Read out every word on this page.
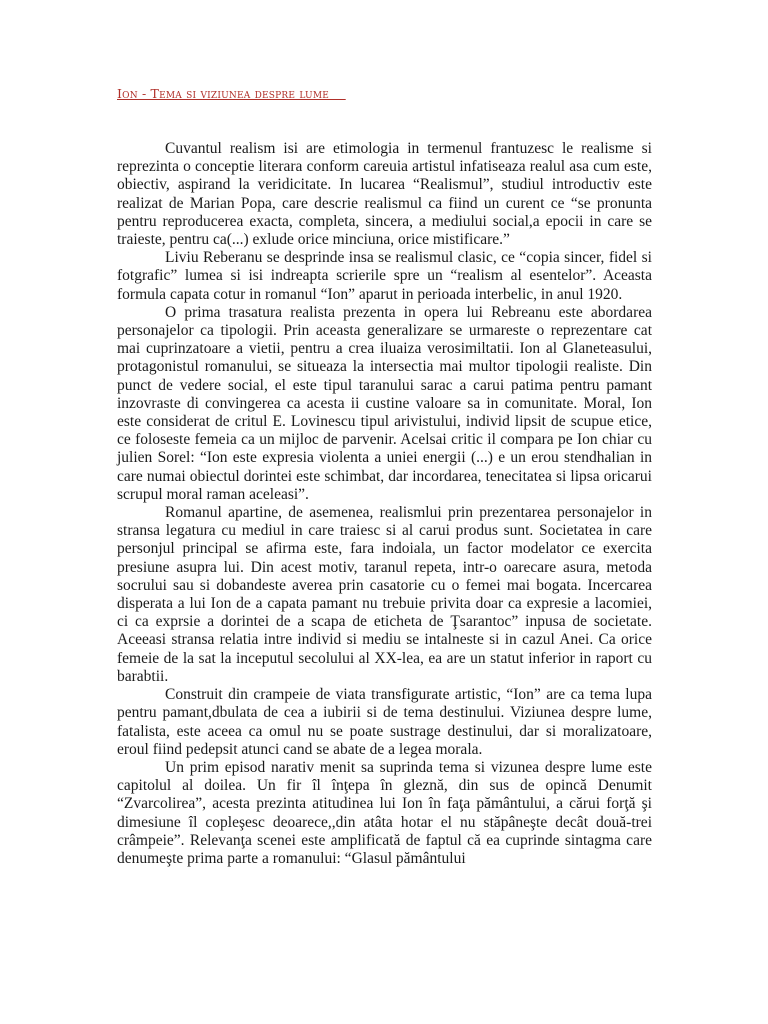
Ion - Tema si viziunea despre lume

Cuvantul realism isi are etimologia in termenul frantuzesc le realisme si reprezinta o conceptie literara conform careuia artistul infatiseaza realul asa cum este, obiectiv, aspirand la veridicitate. In lucarea “Realismul”, studiul introductiv este realizat de Marian Popa, care descrie realismul ca fiind un curent ce “se pronunta pentru reproducerea exacta, completa, sincera, a mediului social,a epocii in care se traieste, pentru ca(...) exlude orice minciuna, orice mistificare.”

Liviu Reberanu se desprinde insa se realismul clasic, ce “copia sincer, fidel si fotgrafic” lumea si isi indreapta scrierile spre un “realism al esentelor”. Aceasta formula capata cotur in romanul “Ion” aparut in perioada interbelic, in anul 1920.

O prima trasatura realista prezenta in opera lui Rebreanu este abordarea personajelor ca tipologii. Prin aceasta generalizare se urmareste o reprezentare cat mai cuprinzatoare a vietii, pentru a crea iluaiza verosimiltatii. Ion al Glaneteasului, protagonistul romanului, se situeaza la intersectia mai multor tipologii realiste. Din punct de vedere social, el este tipul taranului sarac a carui patima pentru pamant inzovraste di convingerea ca acesta ii custine valoare sa in comunitate. Moral, Ion este considerat de critul E. Lovinescu tipul arivistului, individ lipsit de scupue etice, ce foloseste femeia ca un mijloc de parvenir. Acelsai critic il compara pe Ion chiar cu julien Sorel: “Ion este expresia violenta a uniei energii (...) e un erou stendhalian in care numai obiectul dorintei este schimbat, dar incordarea, tenecitatea si lipsa oricarui scrupul moral raman aceleasi”.

Romanul apartine, de asemenea, realismlui prin prezentarea personajelor in stransa legatura cu mediul in care traiesc si al carui produs sunt. Societatea in care personjul principal se afirma este, fara indoiala, un factor modelator ce exercita presiune asupra lui. Din acest motiv, taranul repeta, intr-o oarecare asura, metoda socrului sau si dobandeste averea prin casatorie cu o femei mai bogata. Incercarea disperata a lui Ion de a capata pamant nu trebuie privita doar ca expresie a lacomiei, ci ca exprsie a dorintei de a scapa de eticheta de Ţsarantoc” inpusa de societate. Aceeasi stransa relatia intre individ si mediu se intalneste si in cazul Anei. Ca orice femeie de la sat la inceputul secolului al XX-lea, ea are un statut inferior in raport cu barabtii.

Construit din crampeie de viata transfigurate artistic, “Ion” are ca tema lupa pentru pamant,dbulata de cea a iubirii si de tema destinului. Viziunea despre lume, fatalista, este aceea ca omul nu se poate sustrage destinului, dar si moralizatoare, eroul fiind pedepsit atunci cand se abate de a legea morala.

Un prim episod narativ menit sa suprinda tema si vizunea despre lume este capitolul al doilea. Un fir îl înţepa în gleznă, din sus de opincă Denumit “Zvarcolirea”, acesta prezinta atitudinea lui Ion în faţa pământului, a cărui forţă şi dimesiune îl copleşesc deoarece,,din atâta hotar el nu stăpâneşte decât două-trei crâmpeie”. Relevanţa scenei este amplificată de faptul că ea cuprinde sintagma care denumeşte prima parte a romanului: “Glasul pământului
